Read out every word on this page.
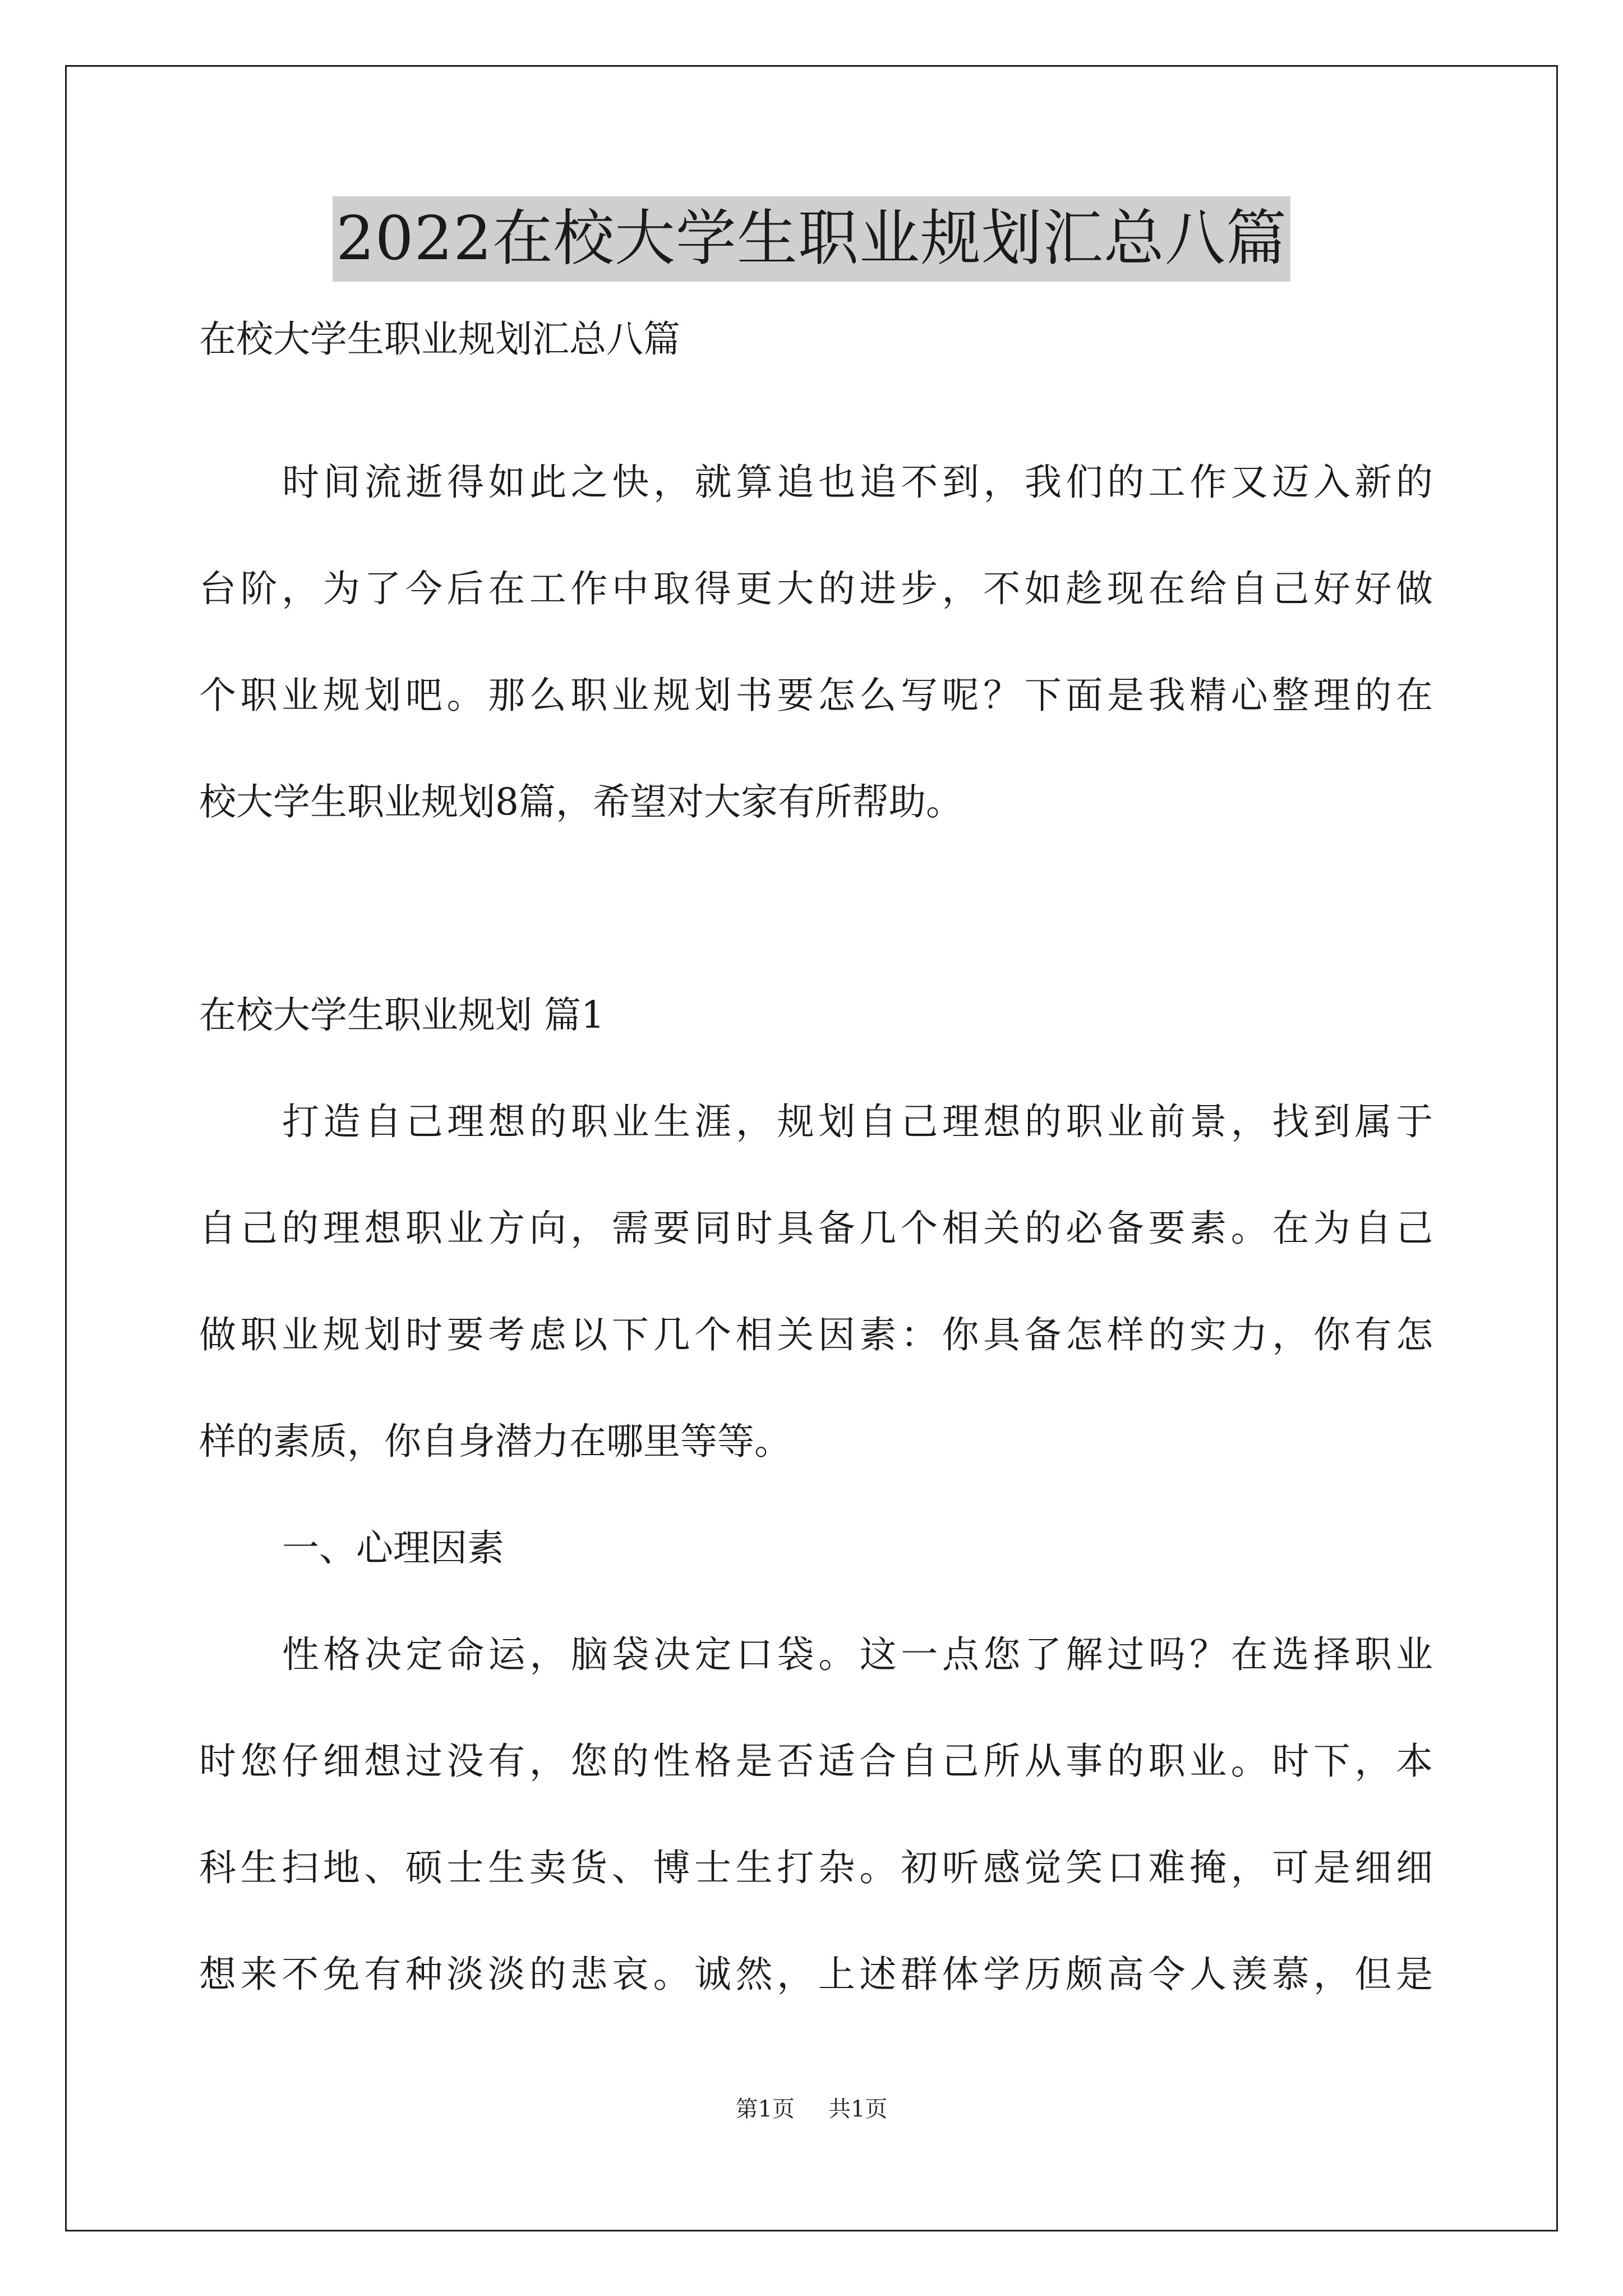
2022在校大学生职业规划汇总八篇
在校大学生职业规划汇总八篇
时间流逝得如此之快，就算追也追不到，我们的工作又迈入新的
台阶，为了今后在工作中取得更大的进步，不如趁现在给自己好好做
个职业规划吧。那么职业规划书要怎么写呢？下面是我精心整理的在
校大学生职业规划8篇，希望对大家有所帮助。
在校大学生职业规划 篇1
打造自己理想的职业生涯，规划自己理想的职业前景，找到属于
自己的理想职业方向，需要同时具备几个相关的必备要素。在为自己
做职业规划时要考虑以下几个相关因素：你具备怎样的实力，你有怎
样的素质，你自身潜力在哪里等等。
一、心理因素
性格决定命运，脑袋决定口袋。这一点您了解过吗？在选择职业
时您仔细想过没有，您的性格是否适合自己所从事的职业。时下，本
科生扫地、硕士生卖货、博士生打杂。初听感觉笑口难掩，可是细细
想来不免有种淡淡的悲哀。诚然，上述群体学历颇高令人羡慕，但是
第1页 共1页
